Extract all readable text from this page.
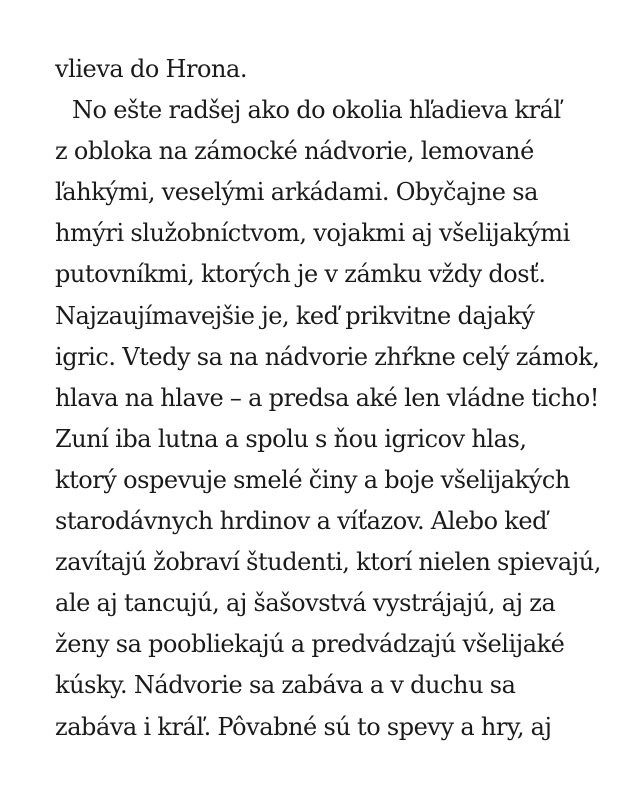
vlieva do Hrona.
No ešte radšej ako do okolia hľadieva kráľ
z obloka na zámocké nádvorie, lemované
ľahkými, veselými arkádami. Obyčajne sa
hmýri služobníctvom, vojakmi aj všelijakými
putovníkmi, ktorých je v zámku vždy dosť.
Najzaujímavejšie je, keď prikvitne dajaký
igric. Vtedy sa na nádvorie zhŕkne celý zámok,
hlava na hlave – a predsa aké len vládne ticho!
Zuní iba lutna a spolu s ňou igricov hlas,
ktorý ospevuje smelé činy a boje všelijakých
starodávnych hrdinov a víťazov. Alebo keď
zavítajú žobraví študenti, ktorí nielen spievajú,
ale aj tancujú, aj šašovstvá vystrájajú, aj za
ženy sa poobliekajú a predvádzajú všelijaké
kúsky. Nádvorie sa zabáva a v duchu sa
zabáva i kráľ. Pôvabné sú to spevy a hry, aj
